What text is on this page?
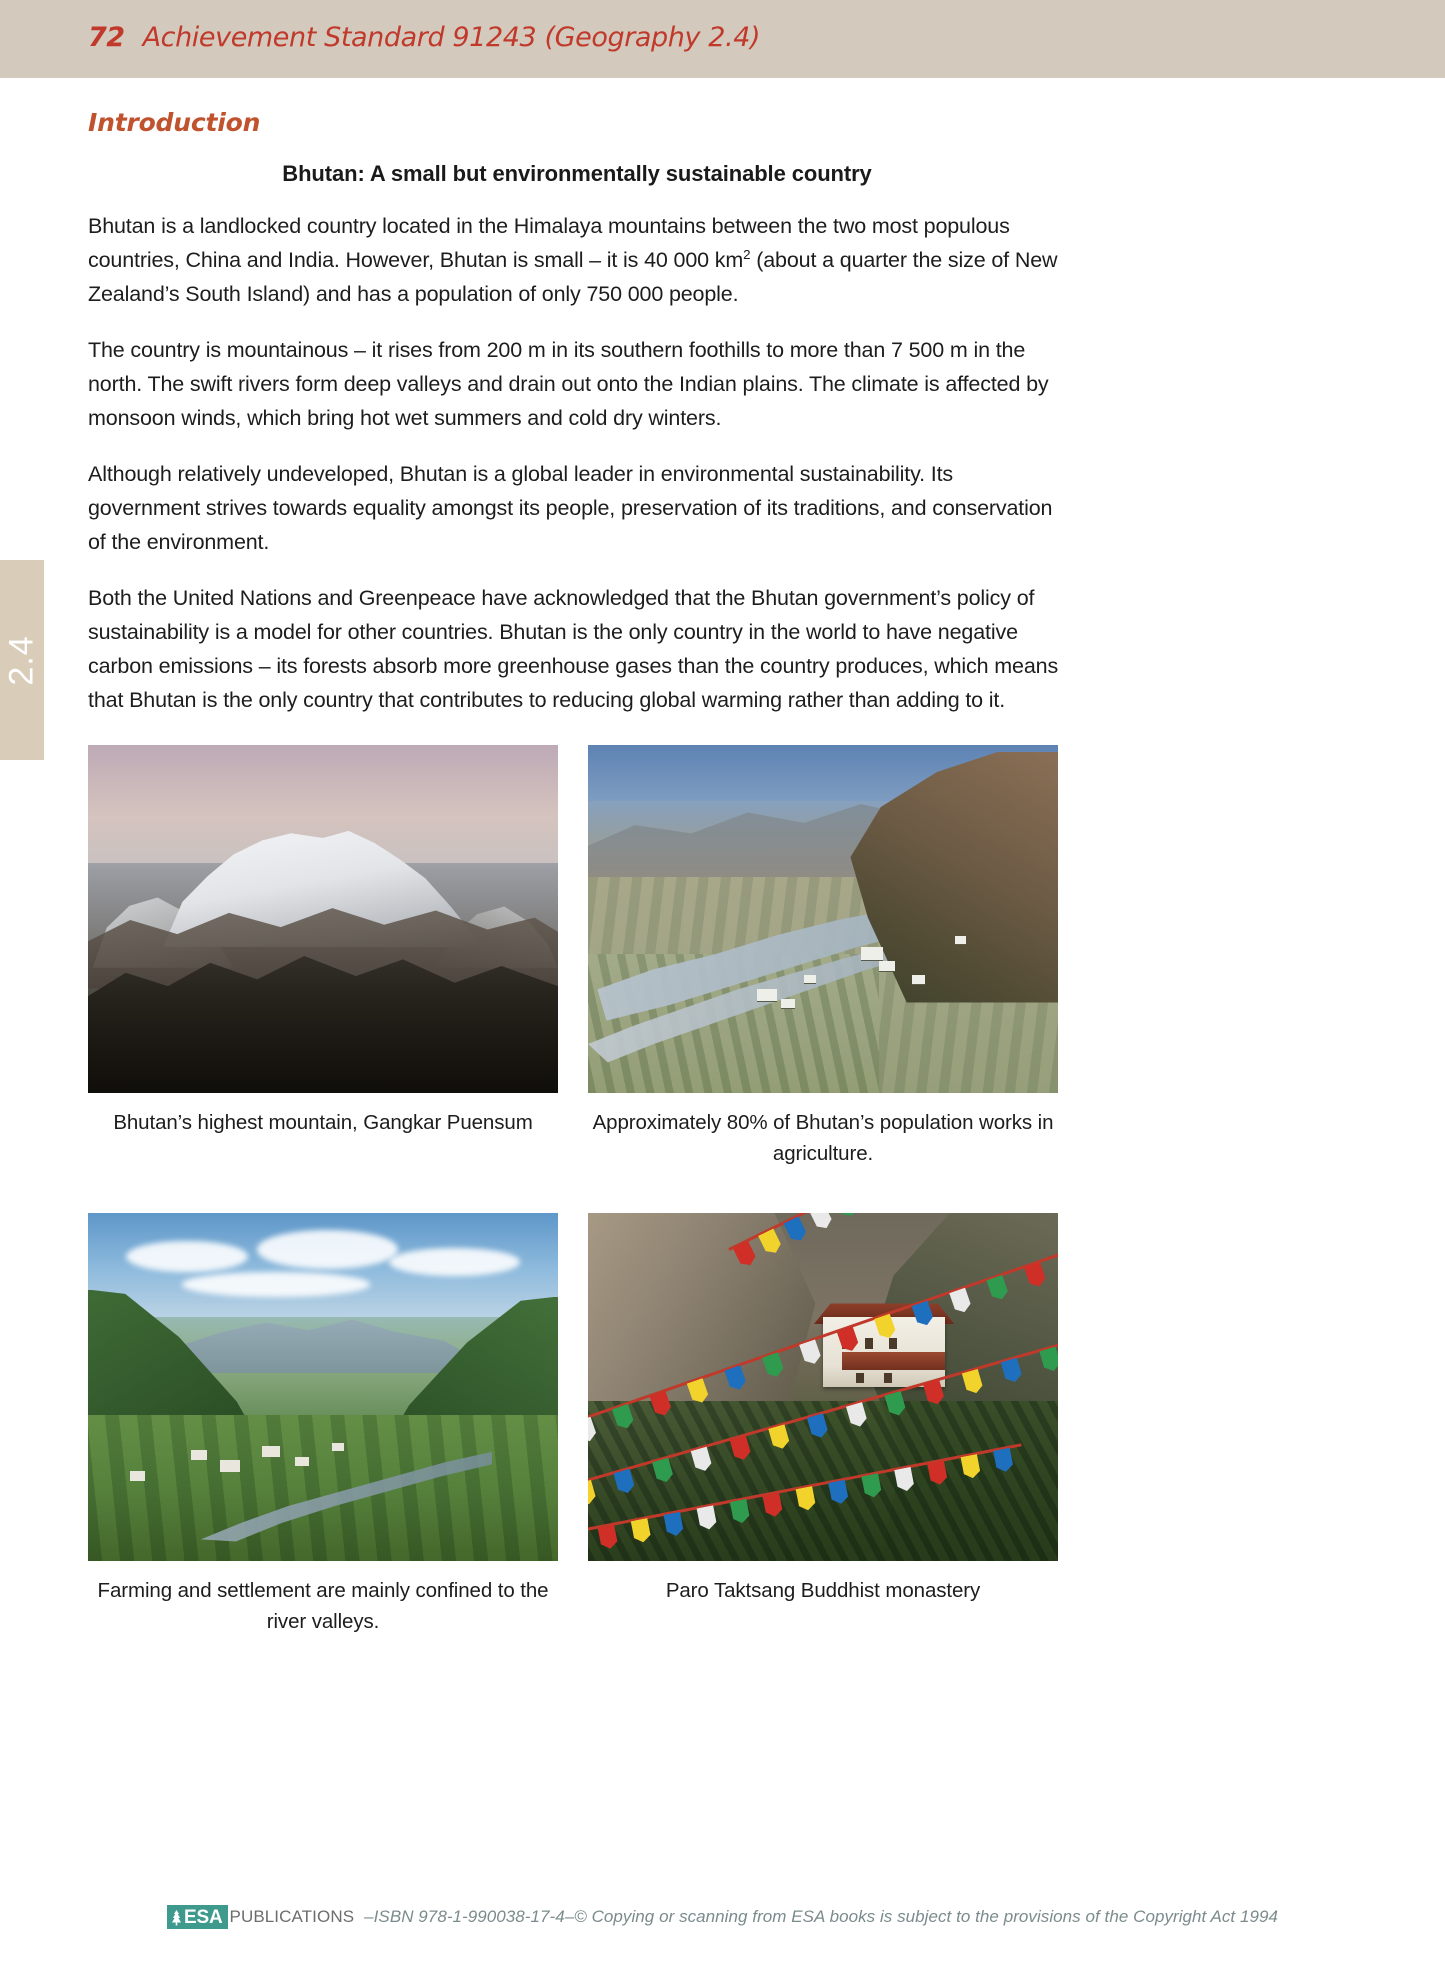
72 Achievement Standard 91243 (Geography 2.4)
2.4
Introduction
Bhutan: A small but environmentally sustainable country

Bhutan is a landlocked country located in the Himalaya mountains between the two most populous countries, China and India. However, Bhutan is small – it is 40 000 $km^2$ (about a quarter the size of New Zealand’s South Island) and has a population of only 750 000 people.

The country is mountainous – it rises from 200 m in its southern foothills to more than 7 500 m in the north. The swift rivers form deep valleys and drain out onto the Indian plains. The climate is affected by monsoon winds, which bring hot wet summers and cold dry winters.

Although relatively undeveloped, Bhutan is a global leader in environmental sustainability. Its government strives towards equality amongst its people, preservation of its traditions, and conservation of the environment.

Both the United Nations and Greenpeace have acknowledged that the Bhutan government’s policy of sustainability is a model for other countries. Bhutan is the only country in the world to have negative carbon emissions – its forests absorb more greenhouse gases than the country produces, which means that Bhutan is the only country that contributes to reducing global warming rather than adding to it.

Bhutan’s highest mountain, Gangkar Puensum	Approximately 80% of Bhutan’s population works in agriculture.
Farming and settlement are mainly confined to the river valleys.
Paro Taktsang Buddhist monastery
ESA PUBLICATIONS – ISBN 978-1-990038-17-4 – © Copying or scanning from ESA books is subject to the provisions of the Copyright Act 1994
